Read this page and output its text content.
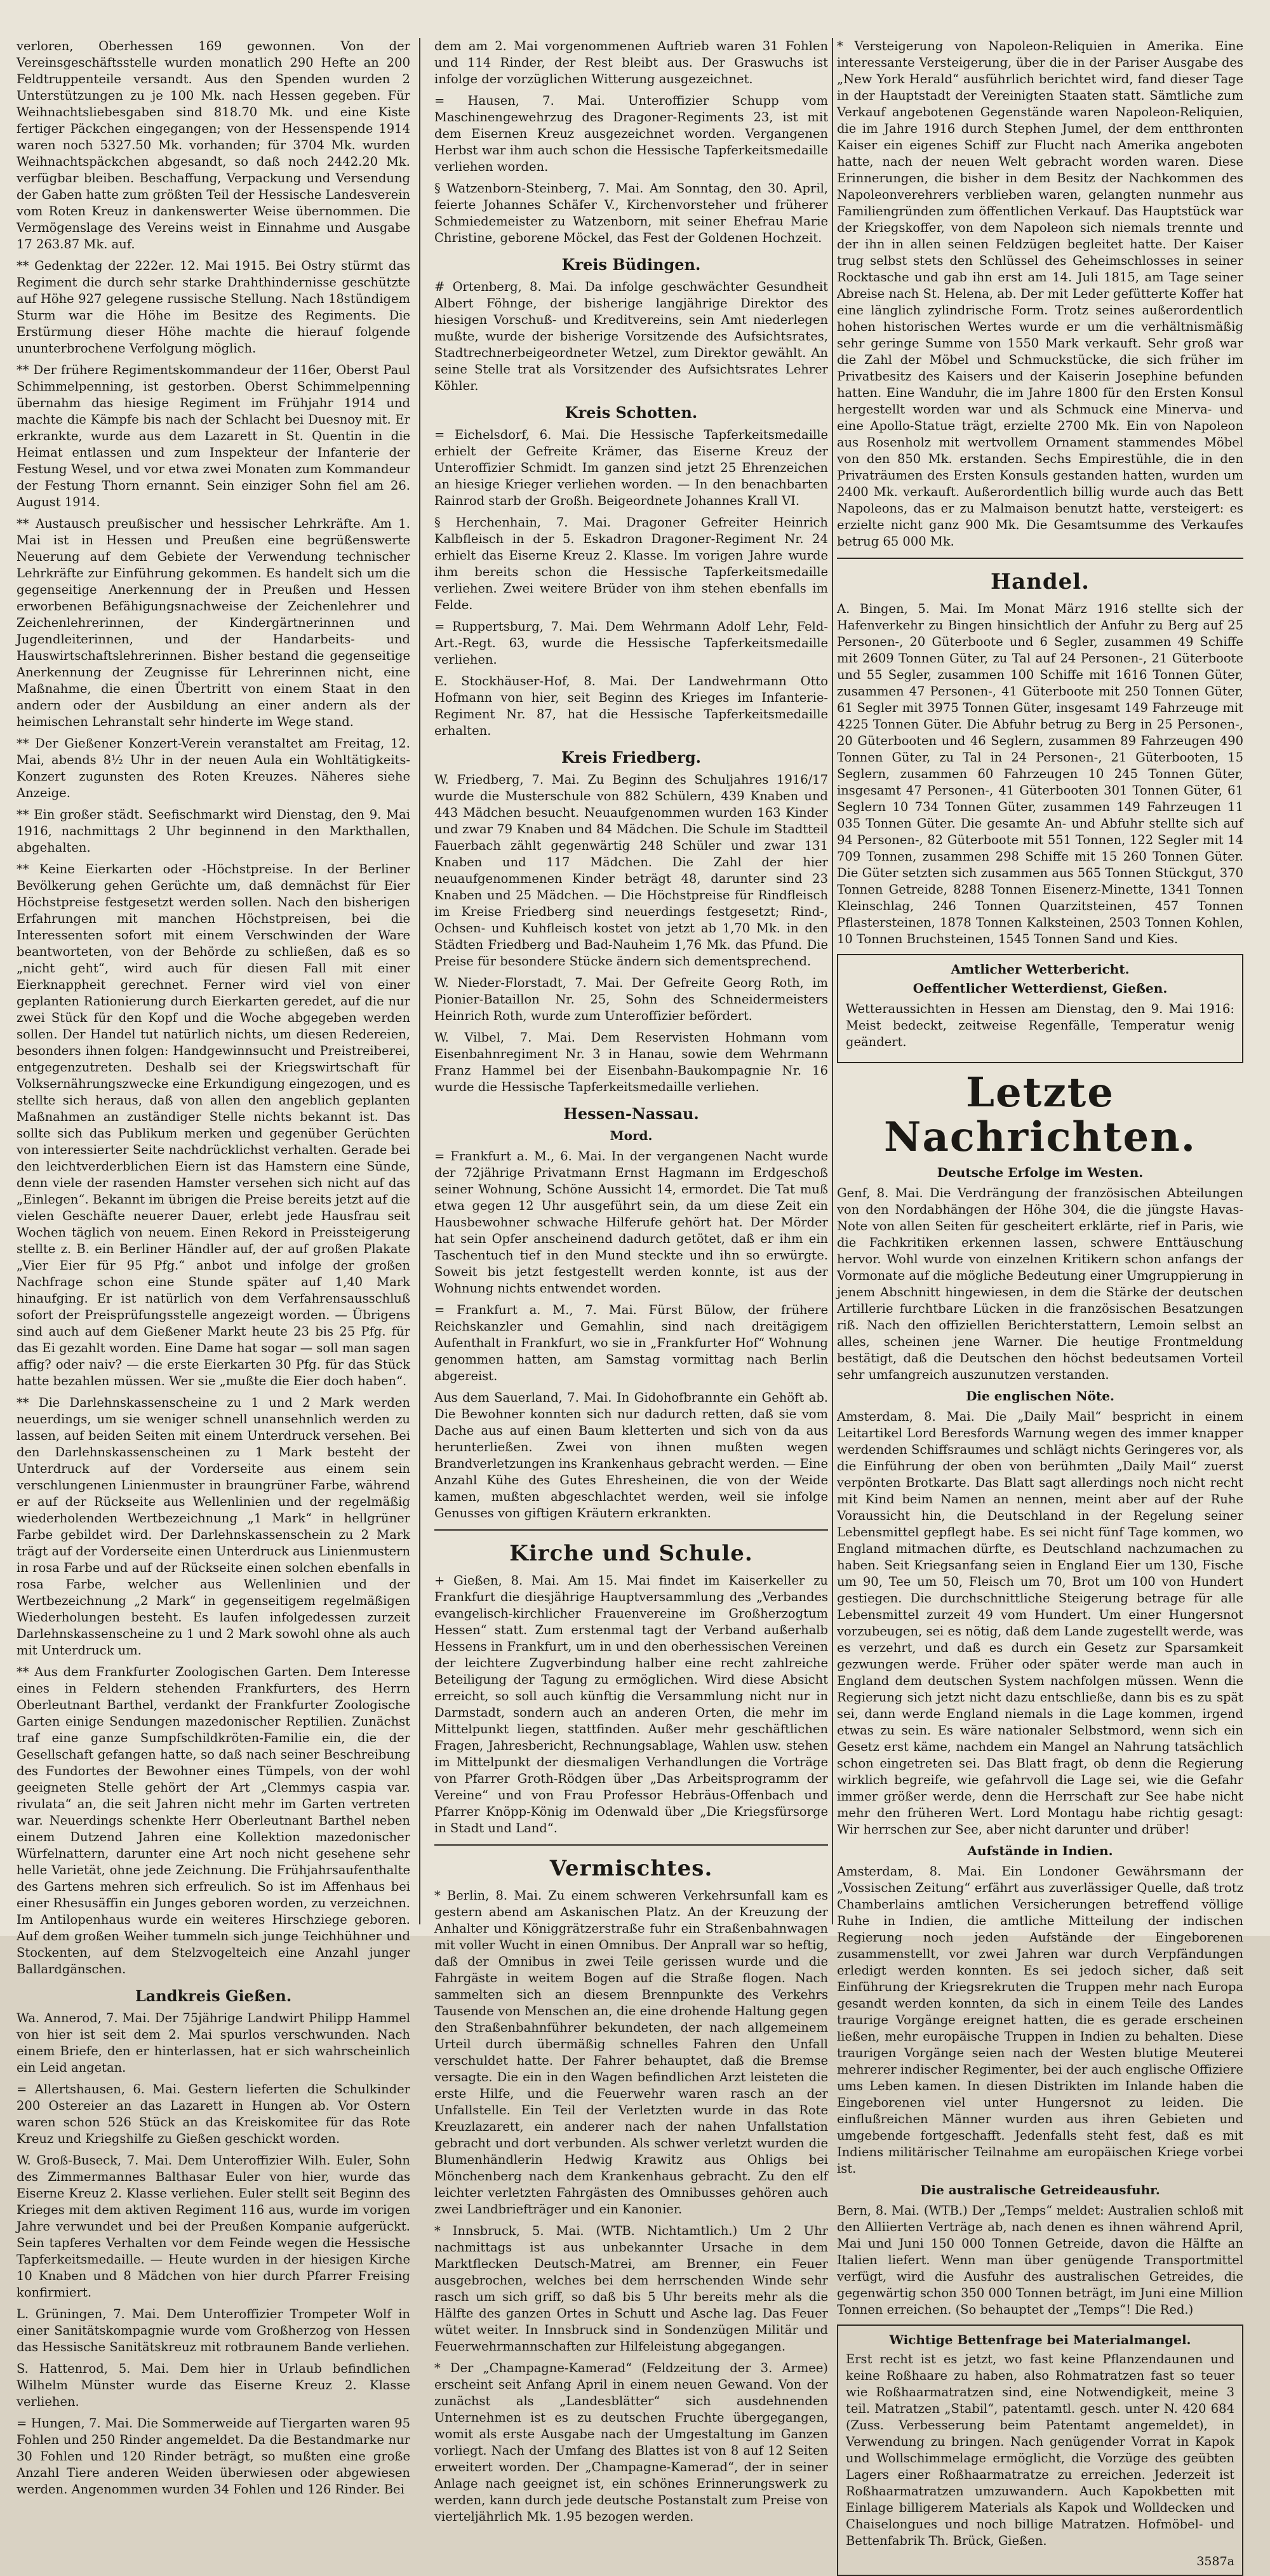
verloren, Oberhessen 169 gewonnen. Von der Vereinsgeschäftsstelle wurden monatlich 290 Hefte an 200 Feldtruppenteile versandt. Aus den Spenden wurden 2 Unterstützungen zu je 100 Mk. nach Hessen gegeben. Für Weihnachtsliebesgaben sind 818.70 Mk. und eine Kiste fertiger Päckchen eingegangen; von der Hessenspende 1914 waren noch 5327.50 Mk. vorhanden; für 3704 Mk. wurden Weihnachtspäckchen abgesandt, so daß noch 2442.20 Mk. verfügbar bleiben. Beschaffung, Verpackung und Versendung der Gaben hatte zum größten Teil der Hessische Landesverein vom Roten Kreuz in dankenswerter Weise übernommen. Die Vermögenslage des Vereins weist in Einnahme und Ausgabe 17 263.87 Mk. auf.

** Gedenktag der 222er. 12. Mai 1915. Bei Ostry stürmt das Regiment die durch sehr starke Drahthindernisse geschützte auf Höhe 927 gelegene russische Stellung. Nach 18stündigem Sturm war die Höhe im Besitze des Regiments. Die Erstürmung dieser Höhe machte die hierauf folgende ununterbrochene Verfolgung möglich.

** Der frühere Regimentskommandeur der 116er, Oberst Paul Schimmelpenning, ist gestorben. Oberst Schimmelpenning übernahm das hiesige Regiment im Frühjahr 1914 und machte die Kämpfe bis nach der Schlacht bei Duesnoy mit. Er erkrankte, wurde aus dem Lazarett in St. Quentin in die Heimat entlassen und zum Inspekteur der Infanterie der Festung Wesel, und vor etwa zwei Monaten zum Kommandeur der Festung Thorn ernannt. Sein einziger Sohn fiel am 26. August 1914.

** Austausch preußischer und hessischer Lehrkräfte. Am 1. Mai ist in Hessen und Preußen eine begrüßenswerte Neuerung auf dem Gebiete der Verwendung technischer Lehrkräfte zur Einführung gekommen. Es handelt sich um die gegenseitige Anerkennung der in Preußen und Hessen erworbenen Befähigungsnachweise der Zeichenlehrer und Zeichenlehrerinnen, der Kindergärtnerinnen und Jugendleiterinnen, und der Handarbeits- und Hauswirtschaftslehrerinnen. Bisher bestand die gegenseitige Anerkennung der Zeugnisse für Lehrerinnen nicht, eine Maßnahme, die einen Übertritt von einem Staat in den andern oder der Ausbildung an einer andern als der heimischen Lehranstalt sehr hinderte im Wege stand.

** Der Gießener Konzert-Verein veranstaltet am Freitag, 12. Mai, abends 8½ Uhr in der neuen Aula ein Wohltätigkeits-Konzert zugunsten des Roten Kreuzes. Näheres siehe Anzeige.

** Ein großer städt. Seefischmarkt wird Dienstag, den 9. Mai 1916, nachmittags 2 Uhr beginnend in den Markthallen, abgehalten.

** Keine Eierkarten oder -Höchstpreise. In der Berliner Bevölkerung gehen Gerüchte um, daß demnächst für Eier Höchstpreise festgesetzt werden sollen. Nach den bisherigen Erfahrungen mit manchen Höchstpreisen, bei die Interessenten sofort mit einem Verschwinden der Ware beantworteten, von der Behörde zu schließen, daß es so „nicht geht“, wird auch für diesen Fall mit einer Eierknappheit gerechnet. Ferner wird viel von einer geplanten Rationierung durch Eierkarten geredet, auf die nur zwei Stück für den Kopf und die Woche abgegeben werden sollen. Der Handel tut natürlich nichts, um diesen Redereien, besonders ihnen folgen: Handgewinnsucht und Preistreiberei, entgegenzutreten. Deshalb sei der Kriegswirtschaft für Volksernährungszwecke eine Erkundigung eingezogen, und es stellte sich heraus, daß von allen den angeblich geplanten Maßnahmen an zuständiger Stelle nichts bekannt ist. Das sollte sich das Publikum merken und gegenüber Gerüchten von interessierter Seite nachdrücklichst verhalten. Gerade bei den leichtverderblichen Eiern ist das Hamstern eine Sünde, denn viele der rasenden Hamster versehen sich nicht auf das „Einlegen“. Bekannt im übrigen die Preise bereits jetzt auf die vielen Geschäfte neuerer Dauer, erlebt jede Hausfrau seit Wochen täglich von neuem. Einen Rekord in Preissteigerung stellte z. B. ein Berliner Händler auf, der auf großen Plakate „Vier Eier für 95 Pfg.“ anbot und infolge der großen Nachfrage schon eine Stunde später auf 1,40 Mark hinaufging. Er ist natürlich von dem Verfahrensausschluß sofort der Preisprüfungsstelle angezeigt worden. — Übrigens sind auch auf dem Gießener Markt heute 23 bis 25 Pfg. für das Ei gezahlt worden. Eine Dame hat sogar — soll man sagen affig? oder naiv? — die erste Eierkarten 30 Pfg. für das Stück hatte bezahlen müssen. Wer sie „mußte die Eier doch haben“.

** Die Darlehnskassenscheine zu 1 und 2 Mark werden neuerdings, um sie weniger schnell unansehnlich werden zu lassen, auf beiden Seiten mit einem Unterdruck versehen. Bei den Darlehnskassenscheinen zu 1 Mark besteht der Unterdruck auf der Vorderseite aus einem sein verschlungenen Linienmuster in braungrüner Farbe, während er auf der Rückseite aus Wellenlinien und der regelmäßig wiederholenden Wertbezeichnung „1 Mark“ in hellgrüner Farbe gebildet wird. Der Darlehnskassenschein zu 2 Mark trägt auf der Vorderseite einen Unterdruck aus Linienmustern in rosa Farbe und auf der Rückseite einen solchen ebenfalls in rosa Farbe, welcher aus Wellenlinien und der Wertbezeichnung „2 Mark“ in gegenseitigem regelmäßigen Wiederholungen besteht. Es laufen infolgedessen zurzeit Darlehnskassenscheine zu 1 und 2 Mark sowohl ohne als auch mit Unterdruck um.

** Aus dem Frankfurter Zoologischen Garten. Dem Interesse eines in Feldern stehenden Frankfurters, des Herrn Oberleutnant Barthel, verdankt der Frankfurter Zoologische Garten einige Sendungen mazedonischer Reptilien. Zunächst traf eine ganze Sumpfschildkröten-Familie ein, die der Gesellschaft gefangen hatte, so daß nach seiner Beschreibung des Fundortes der Bewohner eines Tümpels, von der wohl geeigneten Stelle gehört der Art „Clemmys caspia var. rivulata“ an, die seit Jahren nicht mehr im Garten vertreten war. Neuerdings schenkte Herr Oberleutnant Barthel neben einem Dutzend Jahren eine Kollektion mazedonischer Würfelnattern, darunter eine Art noch nicht gesehene sehr helle Varietät, ohne jede Zeichnung. Die Frühjahrsaufenthalte des Gartens mehren sich erfreulich. So ist im Affenhaus bei einer Rhesusäffin ein Junges geboren worden, zu verzeichnen. Im Antilopenhaus wurde ein weiteres Hirschziege geboren. Auf dem großen Weiher tummeln sich junge Teichhühner und Stockenten, auf dem Stelzvogelteich eine Anzahl junger Ballardgänschen.

Landkreis Gießen.

Wa. Annerod, 7. Mai. Der 75jährige Landwirt Philipp Hammel von hier ist seit dem 2. Mai spurlos verschwunden. Nach einem Briefe, den er hinterlassen, hat er sich wahrscheinlich ein Leid angetan.

= Allertshausen, 6. Mai. Gestern lieferten die Schulkinder 200 Ostereier an das Lazarett in Hungen ab. Vor Ostern waren schon 526 Stück an das Kreiskomitee für das Rote Kreuz und Kriegshilfe zu Gießen geschickt worden.

W. Groß-Buseck, 7. Mai. Dem Unteroffizier Wilh. Euler, Sohn des Zimmermannes Balthasar Euler von hier, wurde das Eiserne Kreuz 2. Klasse verliehen. Euler stellt seit Beginn des Krieges mit dem aktiven Regiment 116 aus, wurde im vorigen Jahre verwundet und bei der Preußen Kompanie aufgerückt. Sein tapferes Verhalten vor dem Feinde wegen die Hessische Tapferkeitsmedaille. — Heute wurden in der hiesigen Kirche 10 Knaben und 8 Mädchen von hier durch Pfarrer Freising konfirmiert.

L. Grüningen, 7. Mai. Dem Unteroffizier Trompeter Wolf in einer Sanitätskompagnie wurde vom Großherzog von Hessen das Hessische Sanitätskreuz mit rotbraunem Bande verliehen.

S. Hattenrod, 5. Mai. Dem hier in Urlaub befindlichen Wilhelm Münster wurde das Eiserne Kreuz 2. Klasse verliehen.

= Hungen, 7. Mai. Die Sommerweide auf Tiergarten waren 95 Fohlen und 250 Rinder angemeldet. Da die Bestandmarke nur 30 Fohlen und 120 Rinder beträgt, so mußten eine große Anzahl Tiere anderen Weiden überwiesen oder abgewiesen werden. Angenommen wurden 34 Fohlen und 126 Rinder. Bei

dem am 2. Mai vorgenommenen Auftrieb waren 31 Fohlen und 114 Rinder, der Rest bleibt aus. Der Graswuchs ist infolge der vorzüglichen Witterung ausgezeichnet.

= Hausen, 7. Mai. Unteroffizier Schupp vom Maschinengewehrzug des Dragoner-Regiments 23, ist mit dem Eisernen Kreuz ausgezeichnet worden. Vergangenen Herbst war ihm auch schon die Hessische Tapferkeitsmedaille verliehen worden.

§ Watzenborn-Steinberg, 7. Mai. Am Sonntag, den 30. April, feierte Johannes Schäfer V., Kirchenvorsteher und früherer Schmiedemeister zu Watzenborn, mit seiner Ehefrau Marie Christine, geborene Möckel, das Fest der Goldenen Hochzeit.

Kreis Büdingen.

# Ortenberg, 8. Mai. Da infolge geschwächter Gesundheit Albert Föhnge, der bisherige langjährige Direktor des hiesigen Vorschuß- und Kreditvereins, sein Amt niederlegen mußte, wurde der bisherige Vorsitzende des Aufsichtsrates, Stadtrechnerbeigeordneter Wetzel, zum Direktor gewählt. An seine Stelle trat als Vorsitzender des Aufsichtsrates Lehrer Köhler.

Kreis Schotten.

= Eichelsdorf, 6. Mai. Die Hessische Tapferkeitsmedaille erhielt der Gefreite Krämer, das Eiserne Kreuz der Unteroffizier Schmidt. Im ganzen sind jetzt 25 Ehrenzeichen an hiesige Krieger verliehen worden. — In den benachbarten Rainrod starb der Großh. Beigeordnete Johannes Krall VI.

§ Herchenhain, 7. Mai. Dragoner Gefreiter Heinrich Kalbfleisch in der 5. Eskadron Dragoner-Regiment Nr. 24 erhielt das Eiserne Kreuz 2. Klasse. Im vorigen Jahre wurde ihm bereits schon die Hessische Tapferkeitsmedaille verliehen. Zwei weitere Brüder von ihm stehen ebenfalls im Felde.

= Ruppertsburg, 7. Mai. Dem Wehrmann Adolf Lehr, Feld-Art.-Regt. 63, wurde die Hessische Tapferkeitsmedaille verliehen.

E. Stockhäuser-Hof, 8. Mai. Der Landwehrmann Otto Hofmann von hier, seit Beginn des Krieges im Infanterie-Regiment Nr. 87, hat die Hessische Tapferkeitsmedaille erhalten.

Kreis Friedberg.

W. Friedberg, 7. Mai. Zu Beginn des Schuljahres 1916/17 wurde die Musterschule von 882 Schülern, 439 Knaben und 443 Mädchen besucht. Neuaufgenommen wurden 163 Kinder und zwar 79 Knaben und 84 Mädchen. Die Schule im Stadtteil Fauerbach zählt gegenwärtig 248 Schüler und zwar 131 Knaben und 117 Mädchen. Die Zahl der hier neuaufgenommenen Kinder beträgt 48, darunter sind 23 Knaben und 25 Mädchen. — Die Höchstpreise für Rindfleisch im Kreise Friedberg sind neuerdings festgesetzt; Rind-, Ochsen- und Kuhfleisch kostet von jetzt ab 1,70 Mk. in den Städten Friedberg und Bad-Nauheim 1,76 Mk. das Pfund. Die Preise für besondere Stücke ändern sich dementsprechend.

W. Nieder-Florstadt, 7. Mai. Der Gefreite Georg Roth, im Pionier-Bataillon Nr. 25, Sohn des Schneidermeisters Heinrich Roth, wurde zum Unteroffizier befördert.

W. Vilbel, 7. Mai. Dem Reservisten Hohmann vom Eisenbahnregiment Nr. 3 in Hanau, sowie dem Wehrmann Franz Hammel bei der Eisenbahn-Baukompagnie Nr. 16 wurde die Hessische Tapferkeitsmedaille verliehen.

Hessen-Nassau.
Mord.

= Frankfurt a. M., 6. Mai. In der vergangenen Nacht wurde der 72jährige Privatmann Ernst Hagmann im Erdgeschoß seiner Wohnung, Schöne Aussicht 14, ermordet. Die Tat muß etwa gegen 12 Uhr ausgeführt sein, da um diese Zeit ein Hausbewohner schwache Hilferufe gehört hat. Der Mörder hat sein Opfer anscheinend dadurch getötet, daß er ihm ein Taschentuch tief in den Mund steckte und ihn so erwürgte. Soweit bis jetzt festgestellt werden konnte, ist aus der Wohnung nichts entwendet worden.

= Frankfurt a. M., 7. Mai. Fürst Bülow, der frühere Reichskanzler und Gemahlin, sind nach dreitägigem Aufenthalt in Frankfurt, wo sie in „Frankfurter Hof“ Wohnung genommen hatten, am Samstag vormittag nach Berlin abgereist.

Aus dem Sauerland, 7. Mai. In Gidohofbrannte ein Gehöft ab. Die Bewohner konnten sich nur dadurch retten, daß sie vom Dache aus auf einen Baum kletterten und sich von da aus herunterließen. Zwei von ihnen mußten wegen Brandverletzungen ins Krankenhaus gebracht werden. — Eine Anzahl Kühe des Gutes Ehresheinen, die von der Weide kamen, mußten abgeschlachtet werden, weil sie infolge Genusses von giftigen Kräutern erkrankten.

Kirche und Schule.

+ Gießen, 8. Mai. Am 15. Mai findet im Kaiserkeller zu Frankfurt die diesjährige Hauptversammlung des „Verbandes evangelisch-kirchlicher Frauenvereine im Großherzogtum Hessen“ statt. Zum erstenmal tagt der Verband außerhalb Hessens in Frankfurt, um in und den oberhessischen Vereinen der leichtere Zugverbindung halber eine recht zahlreiche Beteiligung der Tagung zu ermöglichen. Wird diese Absicht erreicht, so soll auch künftig die Versammlung nicht nur in Darmstadt, sondern auch an anderen Orten, die mehr im Mittelpunkt liegen, stattfinden. Außer mehr geschäftlichen Fragen, Jahresbericht, Rechnungsablage, Wahlen usw. stehen im Mittelpunkt der diesmaligen Verhandlungen die Vorträge von Pfarrer Groth-Rödgen über „Das Arbeitsprogramm der Vereine“ und von Frau Professor Hebräus-Offenbach und Pfarrer Knöpp-König im Odenwald über „Die Kriegsfürsorge in Stadt und Land“.

Vermischtes.

* Berlin, 8. Mai. Zu einem schweren Verkehrsunfall kam es gestern abend am Askanischen Platz. An der Kreuzung der Anhalter und Königgrätzerstraße fuhr ein Straßenbahnwagen mit voller Wucht in einen Omnibus. Der Anprall war so heftig, daß der Omnibus in zwei Teile gerissen wurde und die Fahrgäste in weitem Bogen auf die Straße flogen. Nach sammelten sich an diesem Brennpunkte des Verkehrs Tausende von Menschen an, die eine drohende Haltung gegen den Straßenbahnführer bekundeten, der nach allgemeinem Urteil durch übermäßig schnelles Fahren den Unfall verschuldet hatte. Der Fahrer behauptet, daß die Bremse versagte. Die ein in den Wagen befindlichen Arzt leisteten die erste Hilfe, und die Feuerwehr waren rasch an der Unfallstelle. Ein Teil der Verletzten wurde in das Rote Kreuzlazarett, ein anderer nach der nahen Unfallstation gebracht und dort verbunden. Als schwer verletzt wurden die Blumenhändlerin Hedwig Krawitz aus Ohligs bei Mönchenberg nach dem Krankenhaus gebracht. Zu den elf leichter verletzten Fahrgästen des Omnibusses gehören auch zwei Landbriefträger und ein Kanonier.

* Innsbruck, 5. Mai. (WTB. Nichtamtlich.) Um 2 Uhr nachmittags ist aus unbekannter Ursache in dem Marktflecken Deutsch-Matrei, am Brenner, ein Feuer ausgebrochen, welches bei dem herrschenden Winde sehr rasch um sich griff, so daß bis 5 Uhr bereits mehr als die Hälfte des ganzen Ortes in Schutt und Asche lag. Das Feuer wütet weiter. In Innsbruck sind in Sondenzügen Militär und Feuerwehrmannschaften zur Hilfeleistung abgegangen.

* Der „Champagne-Kamerad“ (Feldzeitung der 3. Armee) erscheint seit Anfang April in einem neuen Gewand. Von der zunächst als „Landesblätter“ sich ausdehnenden Unternehmen ist es zu deutschen Fruchte übergegangen, womit als erste Ausgabe nach der Umgestaltung im Ganzen vorliegt. Nach der Umfang des Blattes ist von 8 auf 12 Seiten erweitert worden. Der „Champagne-Kamerad“, der in seiner Anlage nach geeignet ist, ein schönes Erinnerungswerk zu werden, kann durch jede deutsche Postanstalt zum Preise von vierteljährlich Mk. 1.95 bezogen werden.

* Versteigerung von Napoleon-Reliquien in Amerika. Eine interessante Versteigerung, über die in der Pariser Ausgabe des „New York Herald“ ausführlich berichtet wird, fand dieser Tage in der Hauptstadt der Vereinigten Staaten statt. Sämtliche zum Verkauf angebotenen Gegenstände waren Napoleon-Reliquien, die im Jahre 1916 durch Stephen Jumel, der dem entthronten Kaiser ein eigenes Schiff zur Flucht nach Amerika angeboten hatte, nach der neuen Welt gebracht worden waren. Diese Erinnerungen, die bisher in dem Besitz der Nachkommen des Napoleonverehrers verblieben waren, gelangten nunmehr aus Familiengründen zum öffentlichen Verkauf. Das Hauptstück war der Kriegskoffer, von dem Napoleon sich niemals trennte und der ihn in allen seinen Feldzügen begleitet hatte. Der Kaiser trug selbst stets den Schlüssel des Geheimschlosses in seiner Rocktasche und gab ihn erst am 14. Juli 1815, am Tage seiner Abreise nach St. Helena, ab. Der mit Leder gefütterte Koffer hat eine länglich zylindrische Form. Trotz seines außerordentlich hohen historischen Wertes wurde er um die verhältnismäßig sehr geringe Summe von 1550 Mark verkauft. Sehr groß war die Zahl der Möbel und Schmuckstücke, die sich früher im Privatbesitz des Kaisers und der Kaiserin Josephine befunden hatten. Eine Wanduhr, die im Jahre 1800 für den Ersten Konsul hergestellt worden war und als Schmuck eine Minerva- und eine Apollo-Statue trägt, erzielte 2700 Mk. Ein von Napoleon aus Rosenholz mit wertvollem Ornament stammendes Möbel von den 850 Mk. erstanden. Sechs Empirestühle, die in den Privaträumen des Ersten Konsuls gestanden hatten, wurden um 2400 Mk. verkauft. Außerordentlich billig wurde auch das Bett Napoleons, das er zu Malmaison benutzt hatte, versteigert: es erzielte nicht ganz 900 Mk. Die Gesamtsumme des Verkaufes betrug 65 000 Mk.

Handel.

A. Bingen, 5. Mai. Im Monat März 1916 stellte sich der Hafenverkehr zu Bingen hinsichtlich der Anfuhr zu Berg auf 25 Personen-, 20 Güterboote und 6 Segler, zusammen 49 Schiffe mit 2609 Tonnen Güter, zu Tal auf 24 Personen-, 21 Güterboote und 55 Segler, zusammen 100 Schiffe mit 1616 Tonnen Güter, zusammen 47 Personen-, 41 Güterboote mit 250 Tonnen Güter, 61 Segler mit 3975 Tonnen Güter, insgesamt 149 Fahrzeuge mit 4225 Tonnen Güter. Die Abfuhr betrug zu Berg in 25 Personen-, 20 Güterbooten und 46 Seglern, zusammen 89 Fahrzeugen 490 Tonnen Güter, zu Tal in 24 Personen-, 21 Güterbooten, 15 Seglern, zusammen 60 Fahrzeugen 10 245 Tonnen Güter, insgesamt 47 Personen-, 41 Güterbooten 301 Tonnen Güter, 61 Seglern 10 734 Tonnen Güter, zusammen 149 Fahrzeugen 11 035 Tonnen Güter. Die gesamte An- und Abfuhr stellte sich auf 94 Personen-, 82 Güterboote mit 551 Tonnen, 122 Segler mit 14 709 Tonnen, zusammen 298 Schiffe mit 15 260 Tonnen Güter. Die Güter setzten sich zusammen aus 565 Tonnen Stückgut, 370 Tonnen Getreide, 8288 Tonnen Eisenerz-Minette, 1341 Tonnen Kleinschlag, 246 Tonnen Quarzitsteinen, 457 Tonnen Pflastersteinen, 1878 Tonnen Kalksteinen, 2503 Tonnen Kohlen, 10 Tonnen Bruchsteinen, 1545 Tonnen Sand und Kies.

Amtlicher Wetterbericht.
Oeffentlicher Wetterdienst, Gießen.

Wetteraussichten in Hessen am Dienstag, den 9. Mai 1916: Meist bedeckt, zeitweise Regenfälle, Temperatur wenig geändert.

Letzte Nachrichten.
Deutsche Erfolge im Westen.

Genf, 8. Mai. Die Verdrängung der französischen Abteilungen von den Nordabhängen der Höhe 304, die die jüngste Havas-Note von allen Seiten für gescheitert erklärte, rief in Paris, wie die Fachkritiken erkennen lassen, schwere Enttäuschung hervor. Wohl wurde von einzelnen Kritikern schon anfangs der Vormonate auf die mögliche Bedeutung einer Umgruppierung in jenem Abschnitt hingewiesen, in dem die Stärke der deutschen Artillerie furchtbare Lücken in die französischen Besatzungen riß. Nach den offiziellen Berichterstattern, Lemoin selbst an alles, scheinen jene Warner. Die heutige Frontmeldung bestätigt, daß die Deutschen den höchst bedeutsamen Vorteil sehr umfangreich auszunutzen verstanden.

Die englischen Nöte.

Amsterdam, 8. Mai. Die „Daily Mail“ bespricht in einem Leitartikel Lord Beresfords Warnung wegen des immer knapper werdenden Schiffsraumes und schlägt nichts Geringeres vor, als die Einführung der oben von berühmten „Daily Mail“ zuerst verpönten Brotkarte. Das Blatt sagt allerdings noch nicht recht mit Kind beim Namen an nennen, meint aber auf der Ruhe Voraussicht hin, die Deutschland in der Regelung seiner Lebensmittel gepflegt habe. Es sei nicht fünf Tage kommen, wo England mitmachen dürfte, es Deutschland nachzumachen zu haben. Seit Kriegsanfang seien in England Eier um 130, Fische um 90, Tee um 50, Fleisch um 70, Brot um 100 von Hundert gestiegen. Die durchschnittliche Steigerung betrage für alle Lebensmittel zurzeit 49 vom Hundert. Um einer Hungersnot vorzubeugen, sei es nötig, daß dem Lande zugestellt werde, was es verzehrt, und daß es durch ein Gesetz zur Sparsamkeit gezwungen werde. Früher oder später werde man auch in England dem deutschen System nachfolgen müssen. Wenn die Regierung sich jetzt nicht dazu entschließe, dann bis es zu spät sei, dann werde England niemals in die Lage kommen, irgend etwas zu sein. Es wäre nationaler Selbstmord, wenn sich ein Gesetz erst käme, nachdem ein Mangel an Nahrung tatsächlich schon eingetreten sei. Das Blatt fragt, ob denn die Regierung wirklich begreife, wie gefahrvoll die Lage sei, wie die Gefahr immer größer werde, denn die Herrschaft zur See habe nicht mehr den früheren Wert. Lord Montagu habe richtig gesagt: Wir herrschen zur See, aber nicht darunter und drüber!

Aufstände in Indien.

Amsterdam, 8. Mai. Ein Londoner Gewährsmann der „Vossischen Zeitung“ erfährt aus zuverlässiger Quelle, daß trotz Chamberlains amtlichen Versicherungen betreffend völlige Ruhe in Indien, die amtliche Mitteilung der indischen Regierung noch jeden Aufstände der Eingeborenen zusammenstellt, vor zwei Jahren war durch Verpfändungen erledigt werden konnten. Es sei jedoch sicher, daß seit Einführung der Kriegsrekruten die Truppen mehr nach Europa gesandt werden konnten, da sich in einem Teile des Landes traurige Vorgänge ereignet hatten, die es gerade erscheinen ließen, mehr europäische Truppen in Indien zu behalten. Diese traurigen Vorgänge seien nach der Westen blutige Meuterei mehrerer indischer Regimenter, bei der auch englische Offiziere ums Leben kamen. In diesen Distrikten im Inlande haben die Eingeborenen viel unter Hungersnot zu leiden. Die einflußreichen Männer wurden aus ihren Gebieten und umgebende fortgeschafft. Jedenfalls steht fest, daß es mit Indiens militärischer Teilnahme am europäischen Kriege vorbei ist.

Die australische Getreideausfuhr.

Bern, 8. Mai. (WTB.) Der „Temps“ meldet: Australien schloß mit den Alliierten Verträge ab, nach denen es ihnen während April, Mai und Juni 150 000 Tonnen Getreide, davon die Hälfte an Italien liefert. Wenn man über genügende Transportmittel verfügt, wird die Ausfuhr des australischen Getreides, die gegenwärtig schon 350 000 Tonnen beträgt, im Juni eine Million Tonnen erreichen. (So behauptet der „Temps“! Die Red.)

Wichtige Bettenfrage bei Materialmangel.

Erst recht ist es jetzt, wo fast keine Pflanzendaunen und keine Roßhaare zu haben, also Rohmatratzen fast so teuer wie Roßhaarmatratzen sind, eine Notwendigkeit, meine 3 teil. Matratzen „Stabil“, patentamtl. gesch. unter N. 420 684 (Zuss. Verbesserung beim Patentamt angemeldet), in Verwendung zu bringen. Nach genügender Vorrat in Kapok und Wollschimmelage ermöglicht, die Vorzüge des geübten Lagers einer Roßhaarmatratze zu erreichen. Jederzeit ist Roßhaarmatratzen umzuwandern. Auch Kapokbetten mit Einlage billigerem Materials als Kapok und Wolldecken und Chaiselongues und noch billige Matratzen. Hofmöbel- und Bettenfabrik Th. Brück, Gießen.

3587a
